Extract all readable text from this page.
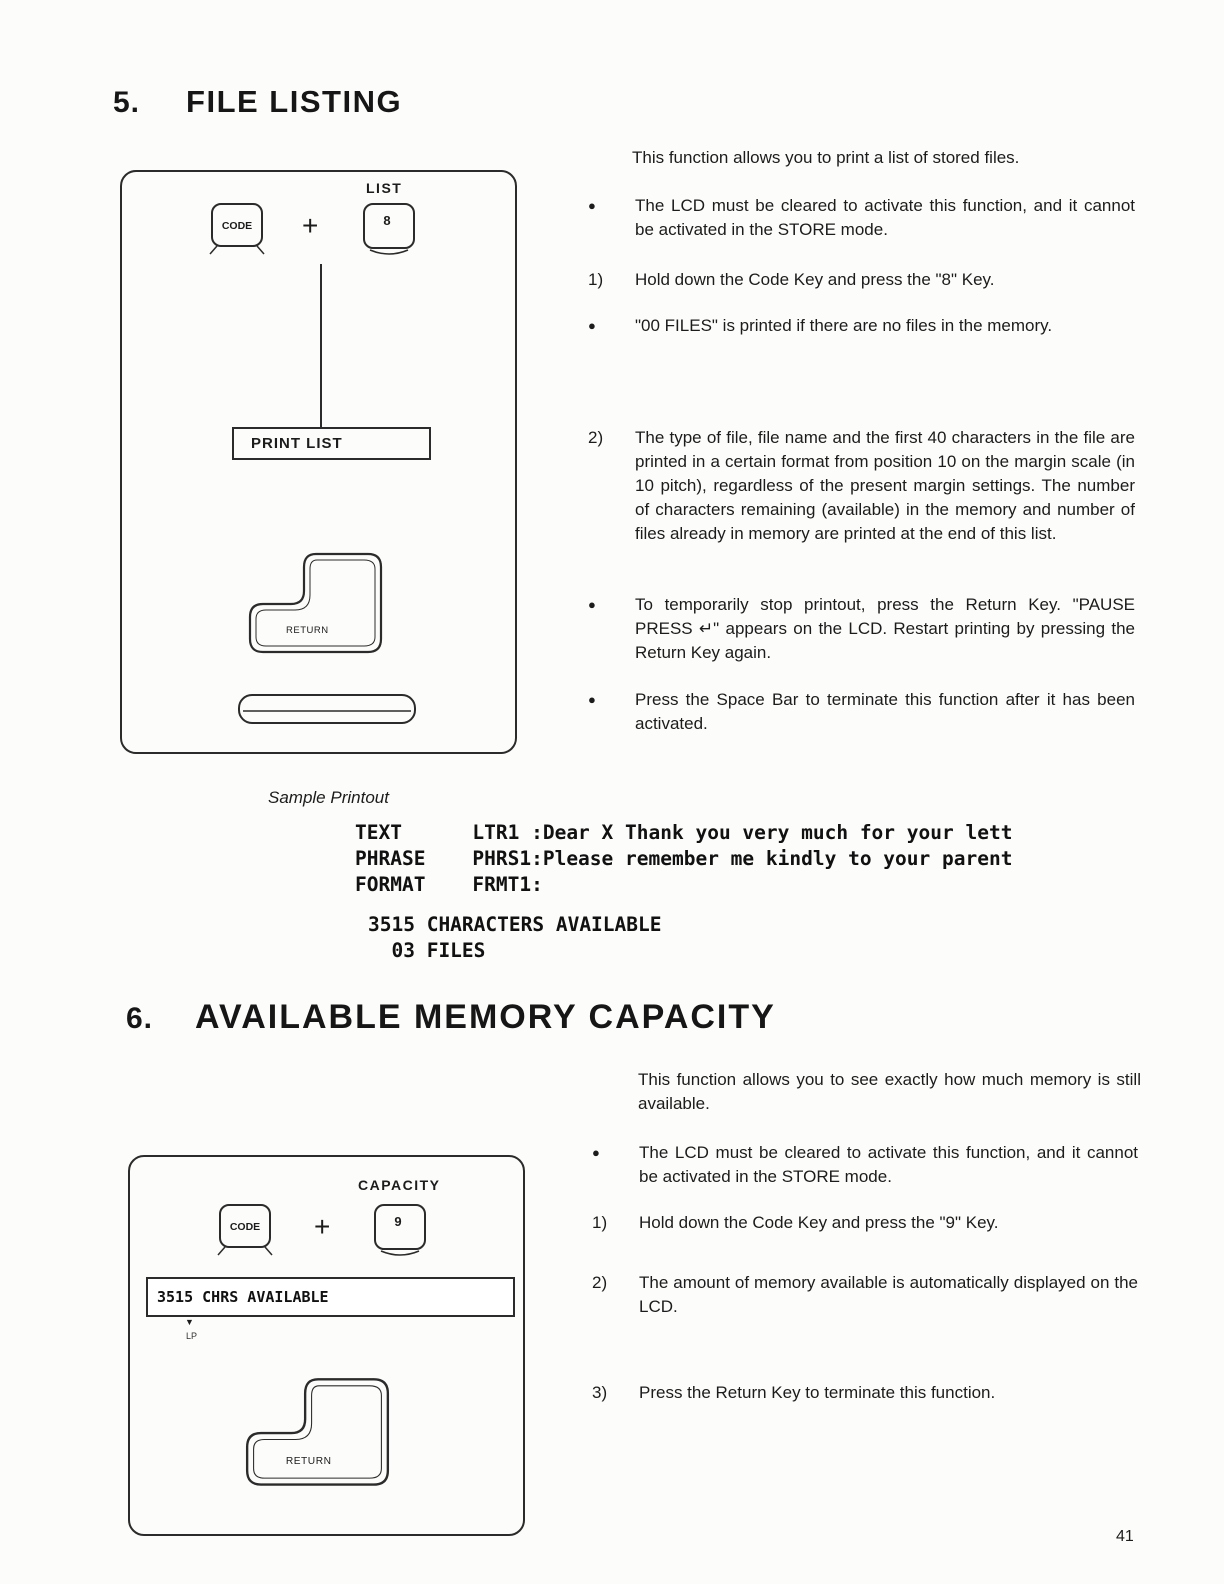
5. FILE LISTING
LIST
CODE +	8
PRINT LIST
RETURN
This function allows you to print a list of stored files.
●	The LCD must be cleared to activate this function, and it cannot be activated in the STORE mode.
1)	Hold down the Code Key and press the "8" Key.
●	"00 FILES" is printed if there are no files in the memory.
2)	The type of file, file name and the first 40 characters in the file are printed in a certain format from position 10 on the margin scale (in 10 pitch), regardless of the present margin settings. The number of characters remaining (available) in the memory and number of files already in memory are printed at the end of this list.
●	To temporarily stop printout, press the Return Key. "PAUSE PRESS ↵" appears on the LCD. Restart printing by pressing the Return Key again.
●	Press the Space Bar to terminate this function after it has been activated.
Sample Printout
TEXT      LTR1 :Dear X Thank you very much for your lett
PHRASE    PHRS1:Please remember me kindly to your parent
FORMAT    FRMT1:
3515 CHARACTERS AVAILABLE
03 FILES
6. AVAILABLE MEMORY CAPACITY
CAPACITY
CODE +	9
3515 CHRS AVAILABLE
▼
LP
RETURN
This function allows you to see exactly how much memory is still available.
●	The LCD must be cleared to activate this function, and it cannot be activated in the STORE mode.
1)	Hold down the Code Key and press the "9" Key.
2)	The amount of memory available is automatically displayed on the LCD.
3)	Press the Return Key to terminate this function.
41
